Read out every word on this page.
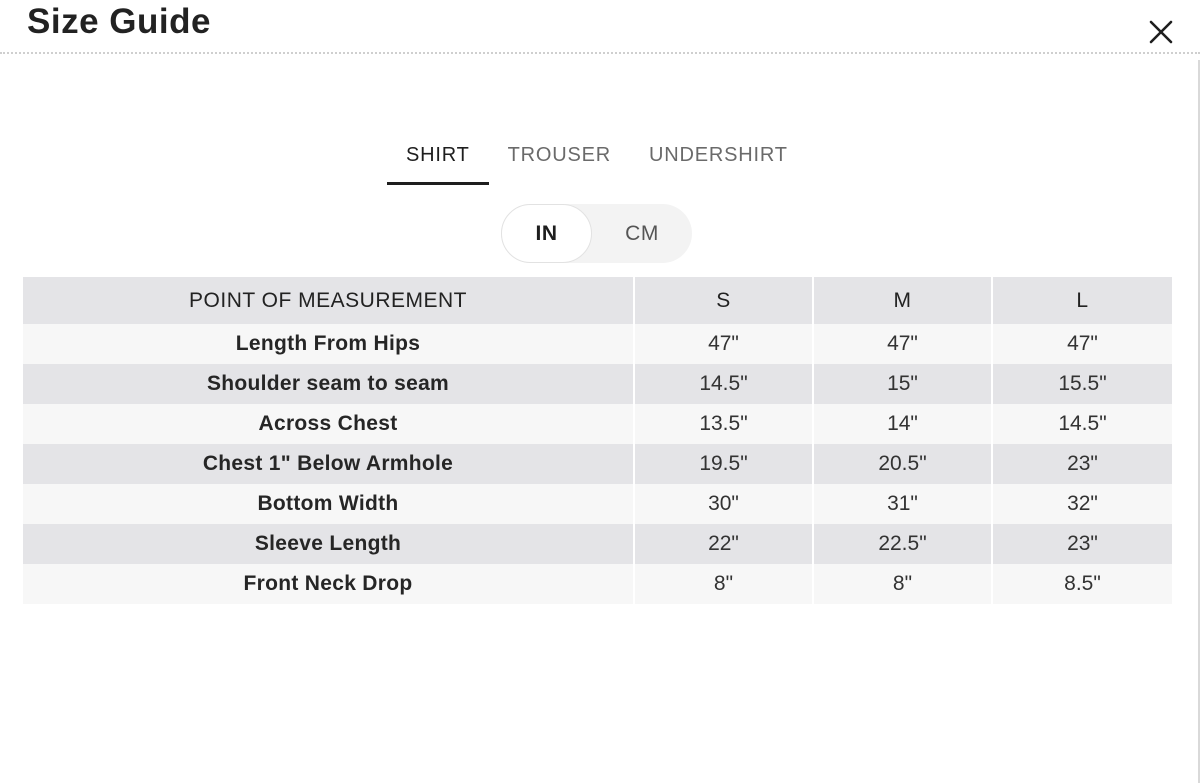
Size Guide
SHIRT	TROUSER	UNDERSHIRT
IN	CM
POINT OF MEASUREMENT	S	M	L
Length From Hips	47"	47"	47"
Shoulder seam to seam	14.5"	15"	15.5"
Across Chest	13.5"	14"	14.5"
Chest 1" Below Armhole	19.5"	20.5"	23"
Bottom Width	30"	31"	32"
Sleeve Length	22"	22.5"	23"
Front Neck Drop	8"	8"	8.5"
